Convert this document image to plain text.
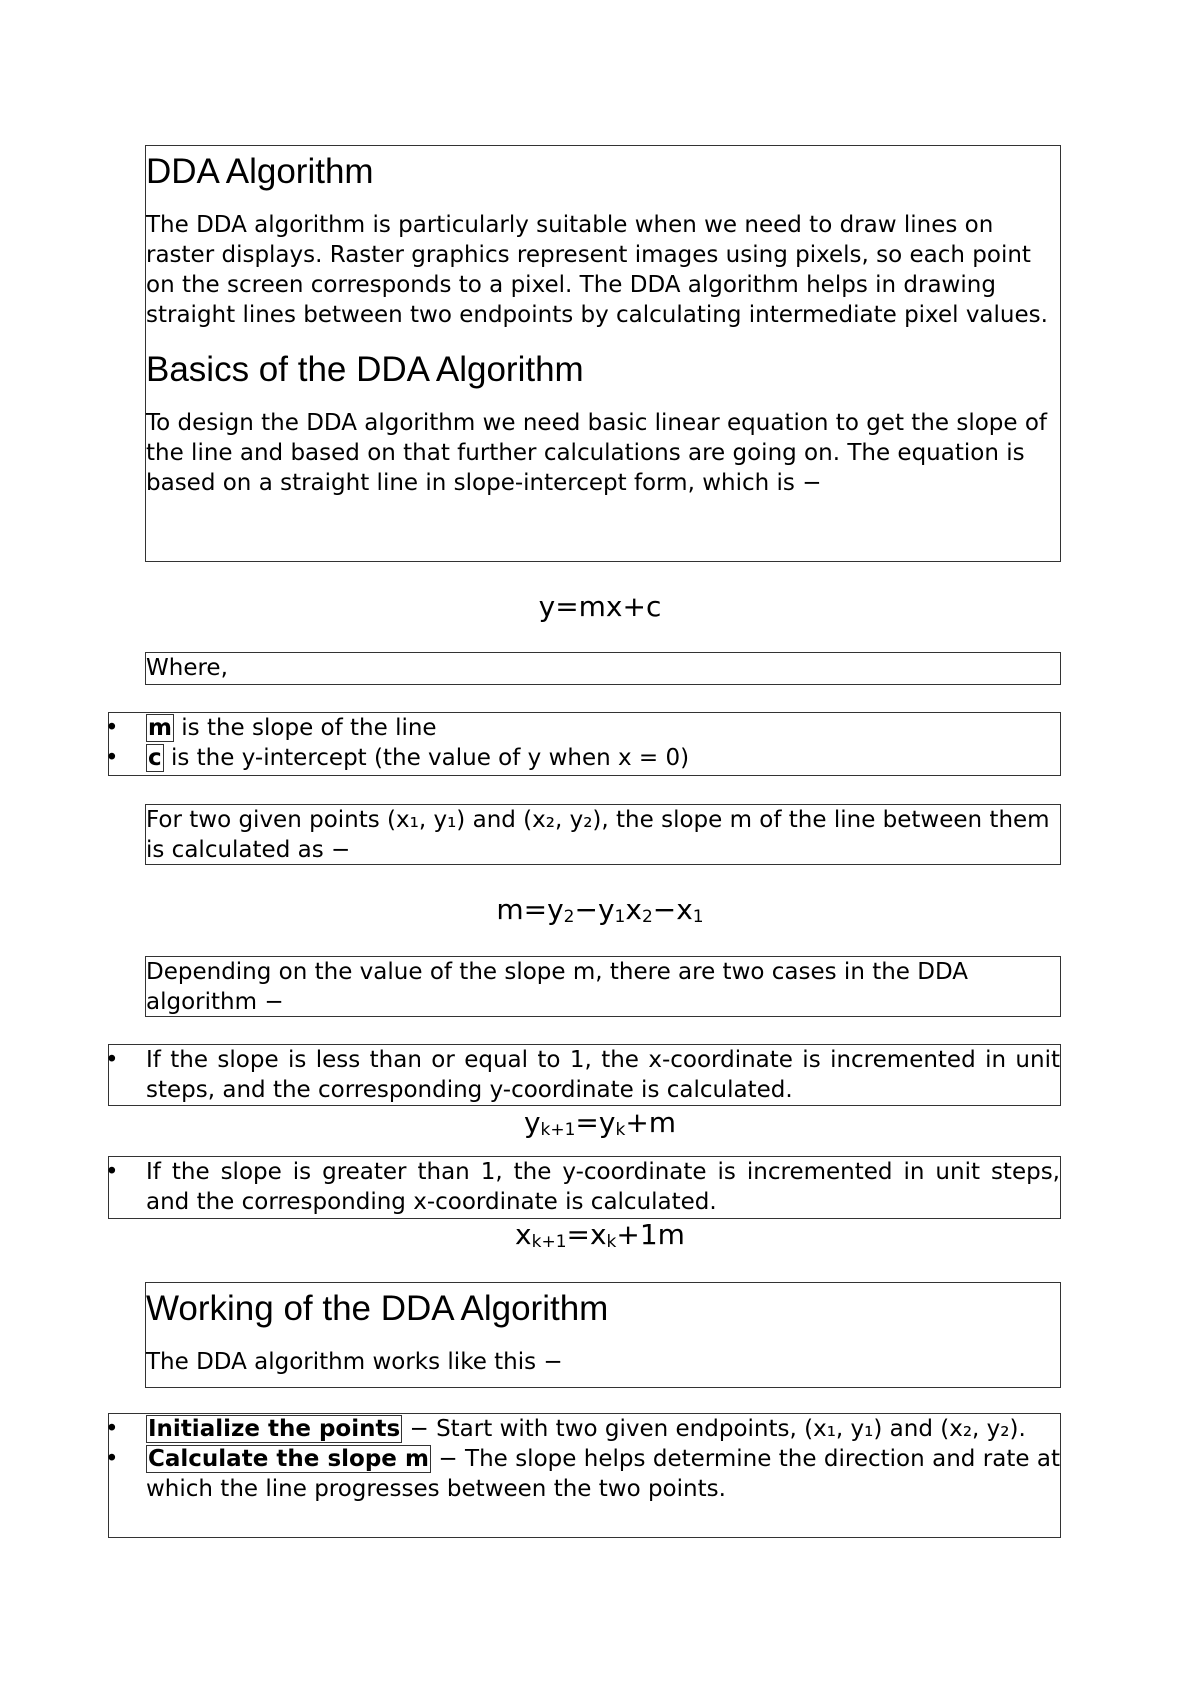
DDA Algorithm

The DDA algorithm is particularly suitable when we need to draw lines on raster displays. Raster graphics represent images using pixels, so each point on the screen corresponds to a pixel. The DDA algorithm helps in drawing straight lines between two endpoints by calculating intermediate pixel values.

Basics of the DDA Algorithm

To design the DDA algorithm we need basic linear equation to get the slope of the line and based on that further calculations are going on. The equation is based on a straight line in slope-intercept form, which is −

y=mx+c

Where,

• m is the slope of the line
• c is the y-intercept (the value of y when x = 0)

For two given points (x₁, y₁) and (x₂, y₂), the slope m of the line between them is calculated as −

$m=y_2-y_1x_2-x_1$

Depending on the value of the slope m, there are two cases in the DDA algorithm −

• If the slope is less than or equal to 1, the x-coordinate is incremented in unit steps, and the corresponding y-coordinate is calculated.
$y_{k+1}=y_k+m$
• If the slope is greater than 1, the y-coordinate is incremented in unit steps, and the corresponding x-coordinate is calculated.
$x_{k+1}=x_k+1m$
Working of the DDA Algorithm

The DDA algorithm works like this −

• Initialize the points − Start with two given endpoints, (x₁, y₁) and (x₂, y₂).
• Calculate the slope m − The slope helps determine the direction and rate at which the line progresses between the two points.
